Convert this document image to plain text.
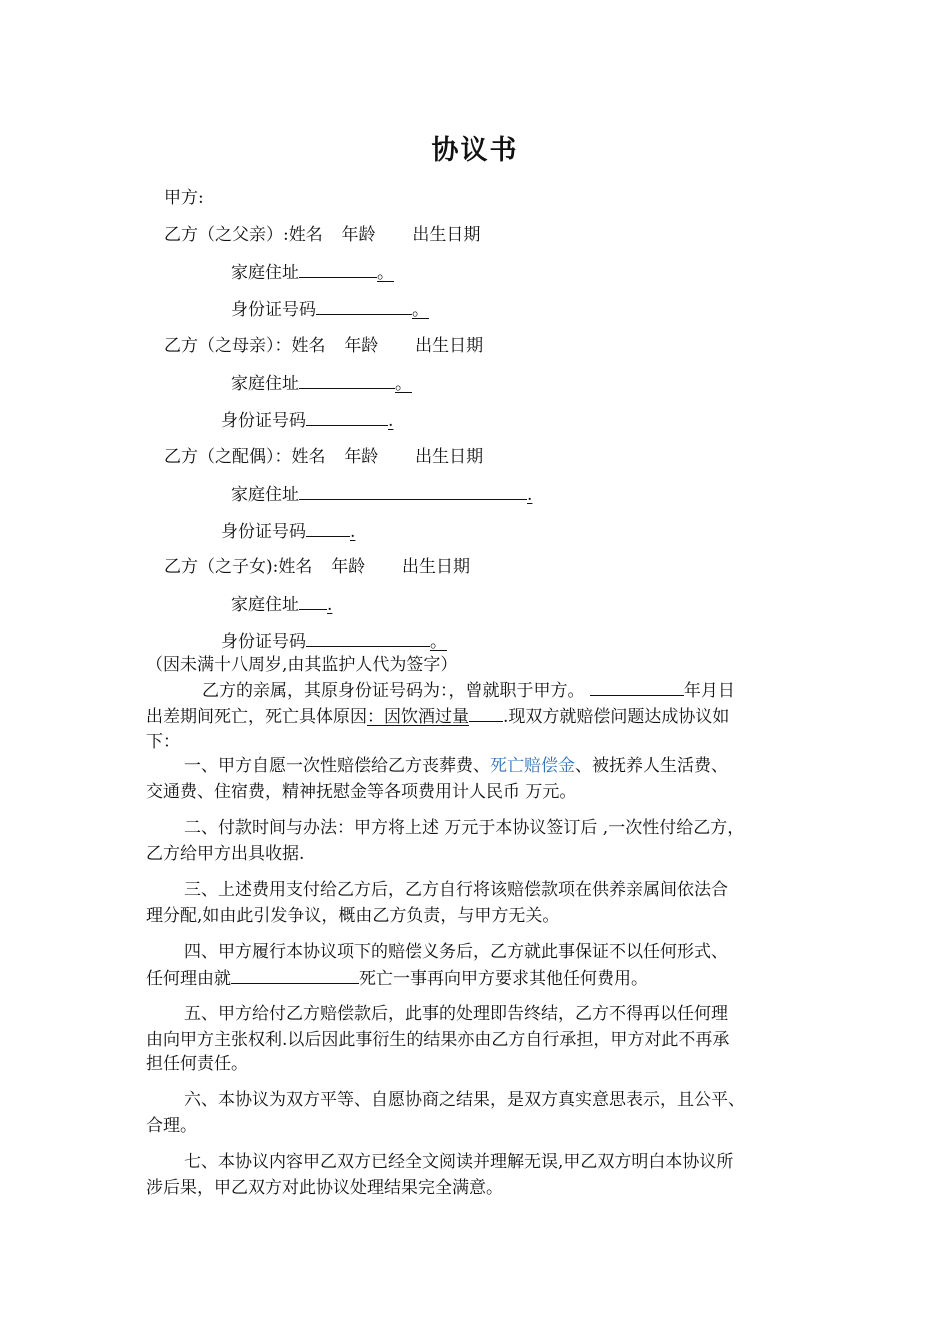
协议书
甲方:
乙方（之父亲）:姓名 年龄 出生日期
家庭住址	。
身份证号码	。
乙方（之母亲）：姓名 年龄 出生日期
家庭住址	。
身份证号码	.
乙方（之配偶）：姓名 年龄 出生日期
家庭住址	.
身份证号码	.
乙方（之子女):姓名 年龄 出生日期
家庭住址 .
身份证号码	。
（因未满十八周岁,由其监护人代为签字）
乙方的亲属，其原身份证号码为：，曾就职于甲方。	年月日
出差期间死亡，死亡具体原因：因饮酒过量 .现双方就赔偿问题达成协议如
下：
一、甲方自愿一次性赔偿给乙方丧葬费、死亡赔偿金、被抚养人生活费、
交通费、住宿费，精神抚慰金等各项费用计人民币 万元。
二、付款时间与办法：甲方将上述 万元于本协议签订后 ,一次性付给乙方，
乙方给甲方出具收据.
三、上述费用支付给乙方后，乙方自行将该赔偿款项在供养亲属间依法合
理分配,如由此引发争议，概由乙方负责，与甲方无关。
四、甲方履行本协议项下的赔偿义务后，乙方就此事保证不以任何形式、
任何理由就	死亡一事再向甲方要求其他任何费用。
五、甲方给付乙方赔偿款后，此事的处理即告终结，乙方不得再以任何理
由向甲方主张权利.以后因此事衍生的结果亦由乙方自行承担，甲方对此不再承
担任何责任。
六、本协议为双方平等、自愿协商之结果，是双方真实意思表示，且公平、
合理。
七、本协议内容甲乙双方已经全文阅读并理解无误,甲乙双方明白本协议所
涉后果，甲乙双方对此协议处理结果完全满意。
